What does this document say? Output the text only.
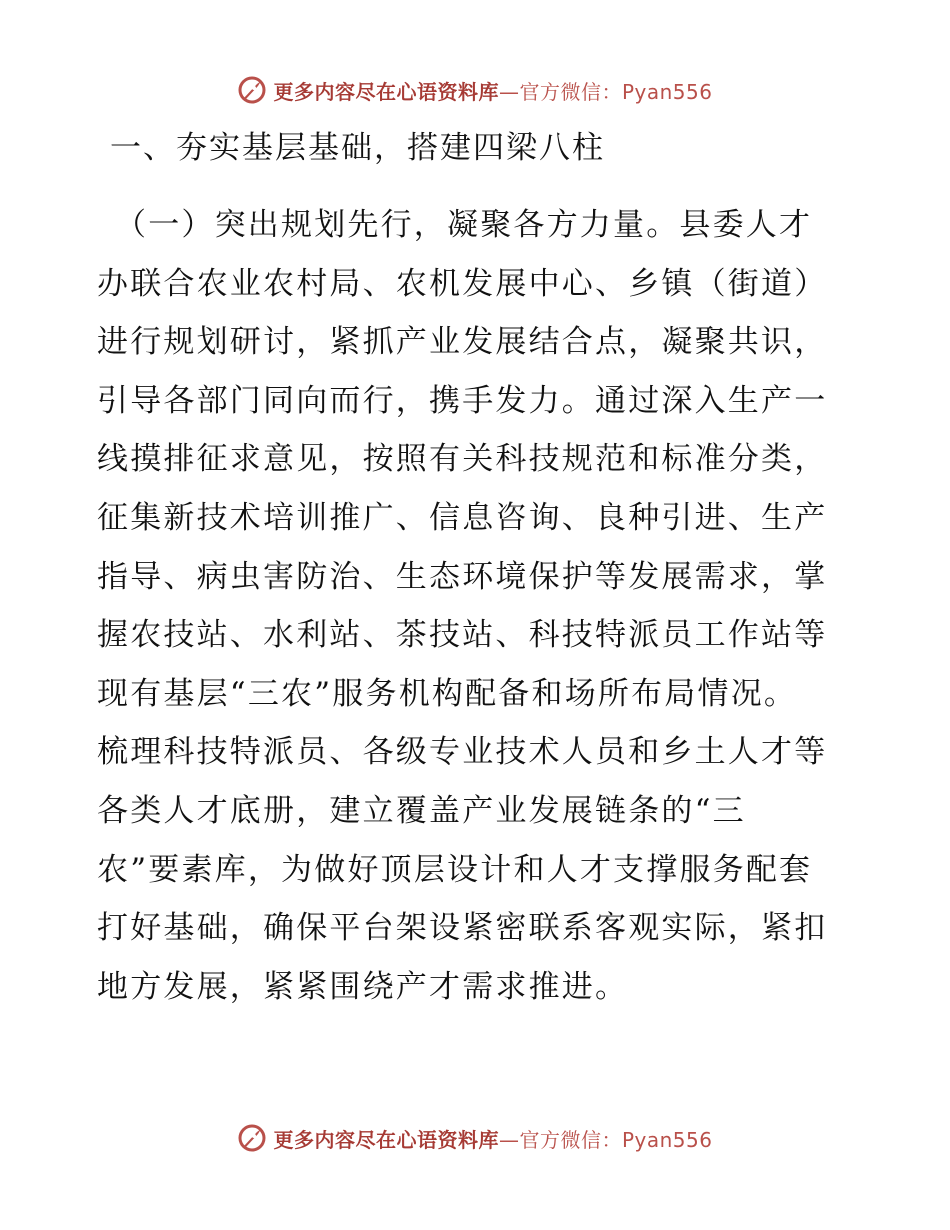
更多内容尽在心语资料库—官方微信：Pyan556
一、夯实基层基础，搭建四梁八柱
（一）突出规划先行，凝聚各方力量。县委人才
办联合农业农村局、农机发展中心、乡镇（街道）
进行规划研讨，紧抓产业发展结合点，凝聚共识，
引导各部门同向而行，携手发力。通过深入生产一
线摸排征求意见，按照有关科技规范和标准分类，
征集新技术培训推广、信息咨询、良种引进、生产
指导、病虫害防治、生态环境保护等发展需求，掌
握农技站、水利站、茶技站、科技特派员工作站等
现有基层“三农”服务机构配备和场所布局情况。
梳理科技特派员、各级专业技术人员和乡土人才等
各类人才底册，建立覆盖产业发展链条的“三
农”要素库，为做好顶层设计和人才支撑服务配套
打好基础，确保平台架设紧密联系客观实际，紧扣
地方发展，紧紧围绕产才需求推进。
更多内容尽在心语资料库—官方微信：Pyan556
